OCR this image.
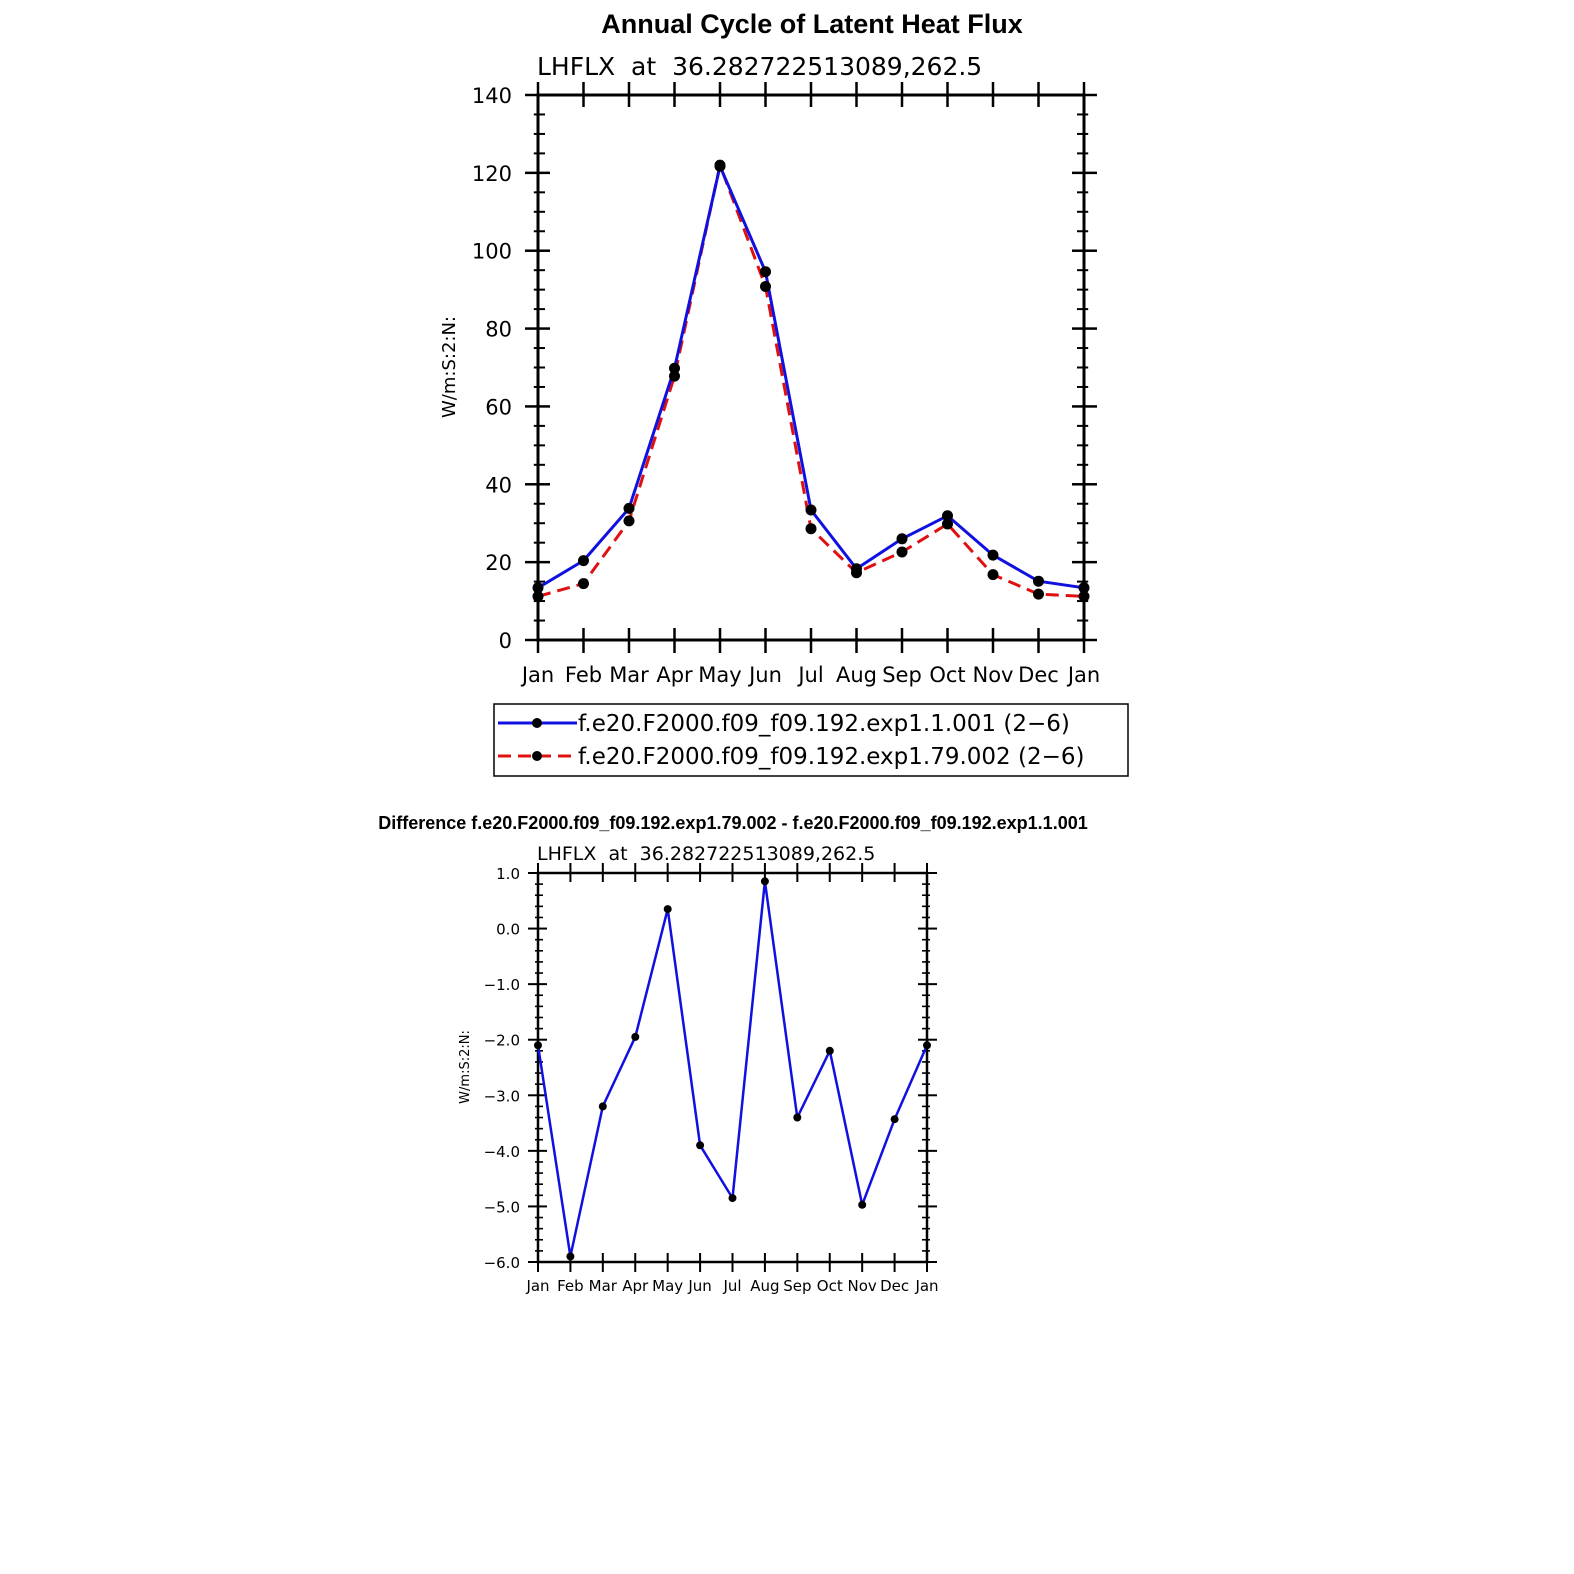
Annual Cycle of Latent Heat Flux
LHFLX  at  36.282722513089,262.5
W/m:S:2:N:
Jan Feb Mar Apr May Jun Jul Aug Sep Oct Nov Dec Jan
0
20
40
60
80
100
120
140
f.e20.F2000.f09_f09.192.exp1.1.001 (2−6)
f.e20.F2000.f09_f09.192.exp1.79.002 (2−6)
Difference f.e20.F2000.f09_f09.192.exp1.79.002 - f.e20.F2000.f09_f09.192.exp1.1.001
LHFLX  at  36.282722513089,262.5
W/m:S:2:N:
Jan Feb Mar Apr May Jun Jul Aug Sep Oct Nov Dec Jan
−6.0
−5.0
−4.0
−3.0
−2.0
−1.0
0.0
1.0
